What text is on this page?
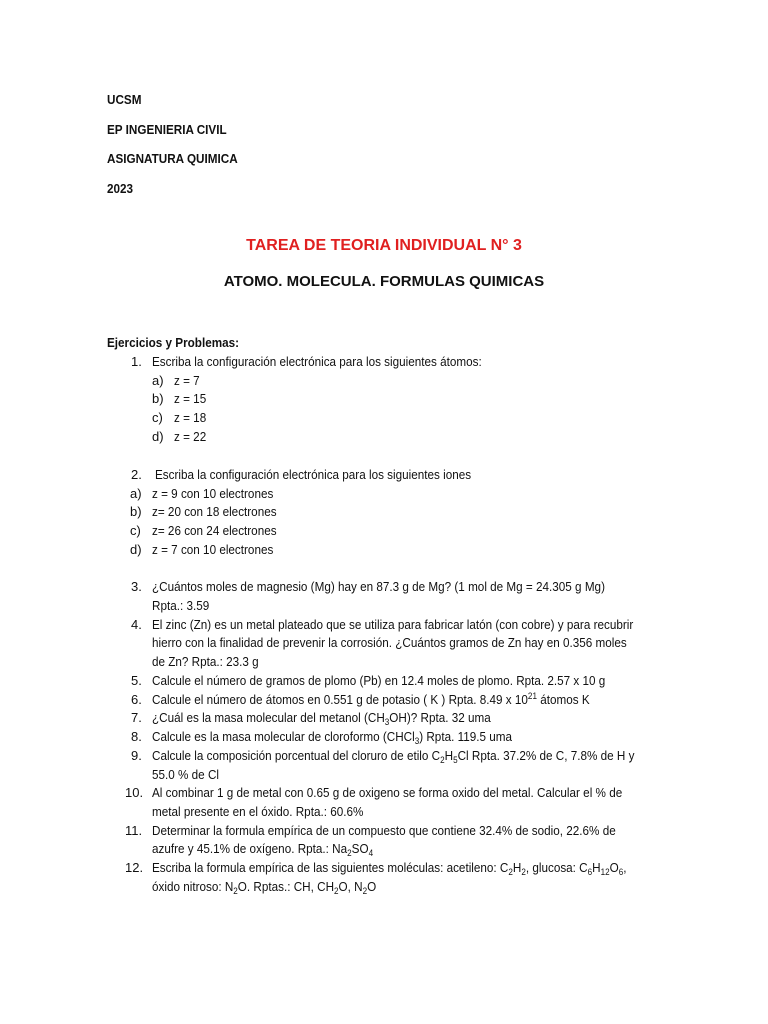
UCSM
EP INGENIERIA CIVIL
ASIGNATURA QUIMICA
2023
TAREA DE TEORIA INDIVIDUAL N° 3
ATOMO. MOLECULA. FORMULAS QUIMICAS
Ejercicios y Problemas:
1. Escriba la configuración electrónica para los siguientes átomos:
a) z = 7
b) z = 15
c) z = 18
d) z = 22
2. Escriba la configuración electrónica para los siguientes iones
a) z = 9 con 10 electrones
b) z= 20 con 18 electrones
c) z= 26 con 24 electrones
d) z = 7 con 10 electrones
3. ¿Cuántos moles de magnesio (Mg) hay en 87.3 g de Mg? (1 mol de Mg = 24.305 g Mg)
Rpta.: 3.59
4. El zinc (Zn) es un metal plateado que se utiliza para fabricar latón (con cobre) y para recubrir
hierro con la finalidad de prevenir la corrosión. ¿Cuántos gramos de Zn hay en 0.356 moles
de Zn? Rpta.: 23.3 g
5. Calcule el número de gramos de plomo (Pb) en 12.4 moles de plomo. Rpta. 2.57 x 10 g
6. Calcule el número de átomos en 0.551 g de potasio ( K ) Rpta. 8.49 x $10^{21}$ átomos K
7. ¿Cuál es la masa molecular del metanol $(CH_3OH)$? Rpta. 32 uma
8. Calcule es la masa molecular de cloroformo (CHCl$_3$) Rpta. 119.5 uma
9. Calcule la composición porcentual del cloruro de etilo $C_2H_5Cl$ Rpta. 37.2% de C, 7.8% de H y
55.0 % de Cl
10. Al combinar 1 g de metal con 0.65 g de oxigeno se forma oxido del metal. Calcular el % de
metal presente en el óxido. Rpta.: 60.6%
11. Determinar la formula empírica de un compuesto que contiene 32.4% de sodio, 22.6% de
azufre y 45.1% de oxígeno. Rpta.: $Na_2SO_4$
12. Escriba la formula empírica de las siguientes moléculas: acetileno: $C_2H_2$, glucosa: $C_6H_{12}O_6$,
óxido nitroso: $N_2O$. Rptas.: CH, $CH_2O$, $N_2O$
